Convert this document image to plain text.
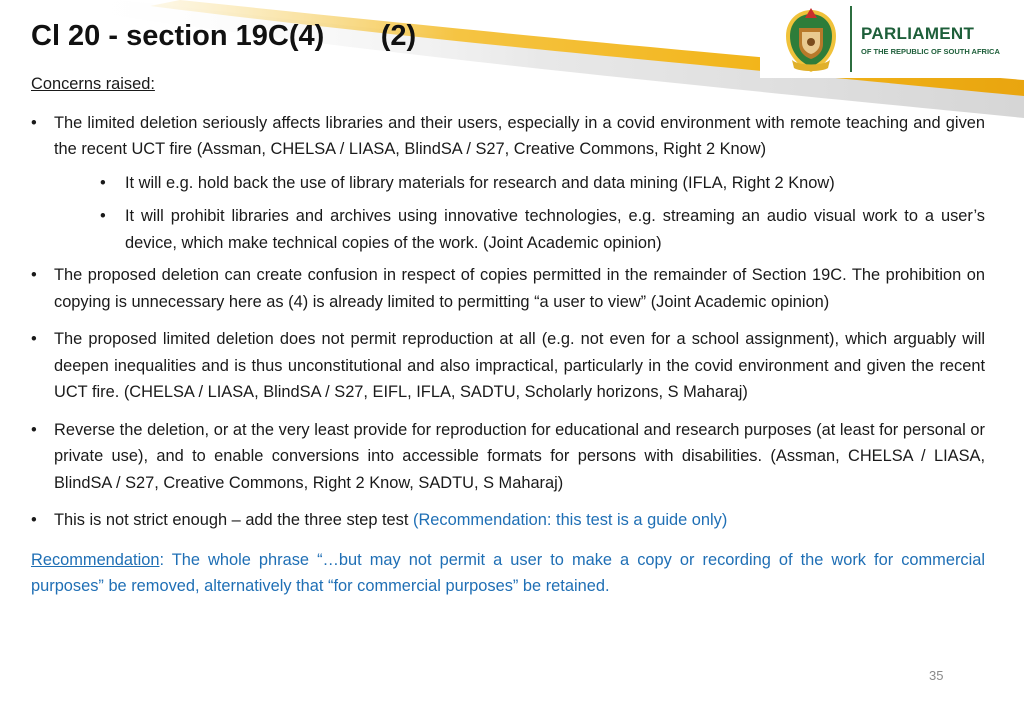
Cl 20 - section 19C(4)       (2)	PARLIAMENT
OF THE REPUBLIC OF SOUTH AFRICA
Concerns raised:
• The limited deletion seriously affects libraries and their users, especially in a covid environment with remote teaching and given the recent UCT fire (Assman, CHELSA / LIASA, BlindSA / S27, Creative Commons, Right 2 Know)
• It will e.g. hold back the use of library materials for research and data mining (IFLA, Right 2 Know)
• It will prohibit libraries and archives using innovative technologies, e.g. streaming an audio visual work to a user’s device, which make technical copies of the work. (Joint Academic opinion)
• The proposed deletion can create confusion in respect of copies permitted in the remainder of Section 19C. The prohibition on copying is unnecessary here as (4) is already limited to permitting “a user to view” (Joint Academic opinion)
• The proposed limited deletion does not permit reproduction at all (e.g. not even for a school assignment), which arguably will deepen inequalities and is thus unconstitutional and also impractical, particularly in the covid environment and given the recent UCT fire. (CHELSA / LIASA, BlindSA / S27, EIFL, IFLA, SADTU, Scholarly horizons, S Maharaj)
• Reverse the deletion, or at the very least provide for reproduction for educational and research purposes (at least for personal or private use), and to enable conversions into accessible formats for persons with disabilities. (Assman, CHELSA / LIASA, BlindSA / S27, Creative Commons, Right 2 Know, SADTU, S Maharaj)
• This is not strict enough – add the three step test (Recommendation: this test is a guide only)
Recommendation: The whole phrase “…but may not permit a user to make a copy or recording of the work for commercial purposes” be removed, alternatively that “for commercial purposes” be retained.
35
